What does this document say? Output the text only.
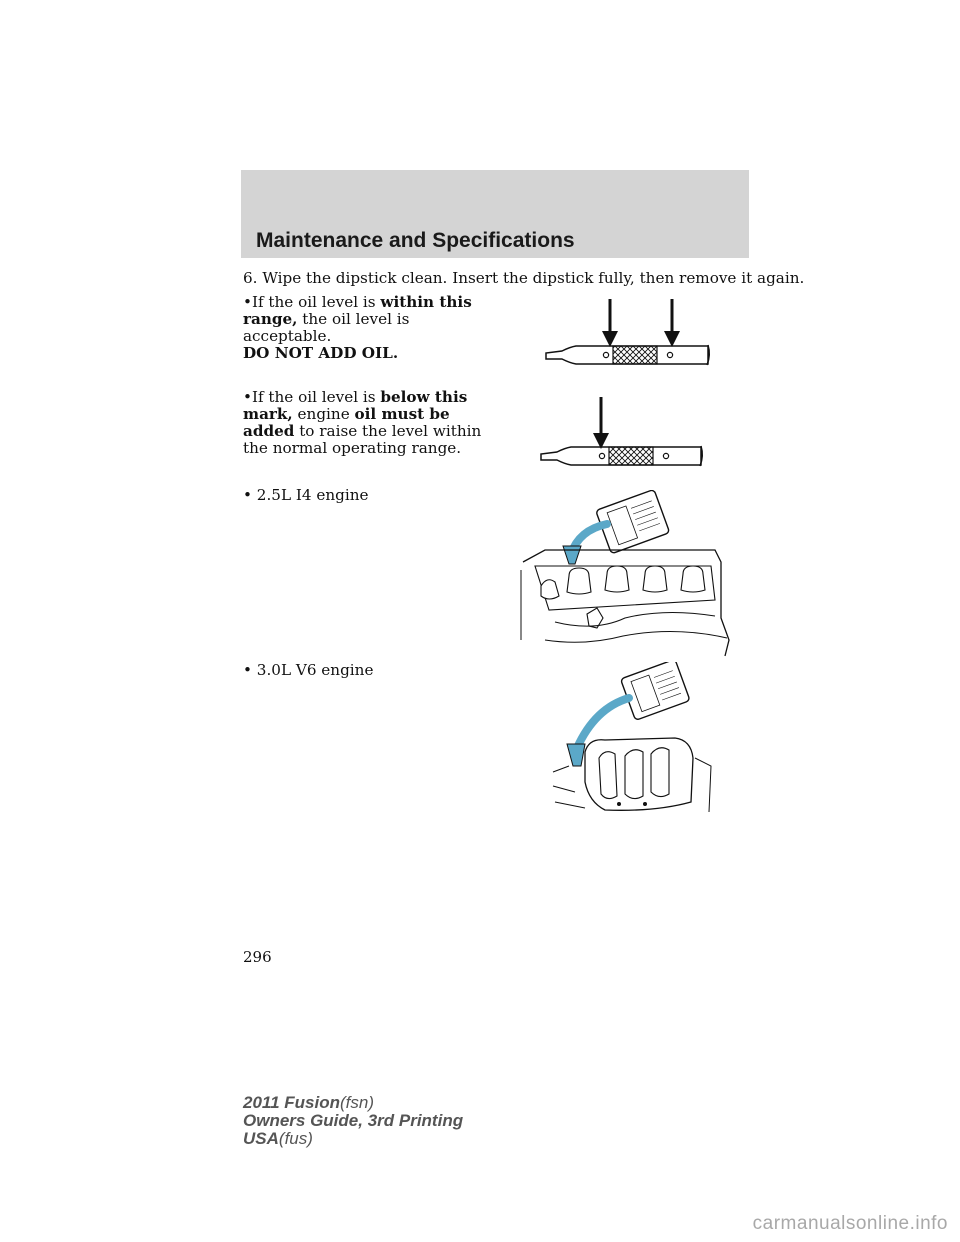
Maintenance and Specifications
6. Wipe the dipstick clean. Insert the dipstick fully, then remove it again.
•If the oil level is within this range, the oil level is acceptable.
DO NOT ADD OIL.
•If the oil level is below this mark, engine oil must be added to raise the level within the normal operating range.
• 2.5L I4 engine
• 3.0L V6 engine
296
2011 Fusion(fsn)
Owners Guide, 3rd Printing
USA(fus)
carmanualsonline.info
